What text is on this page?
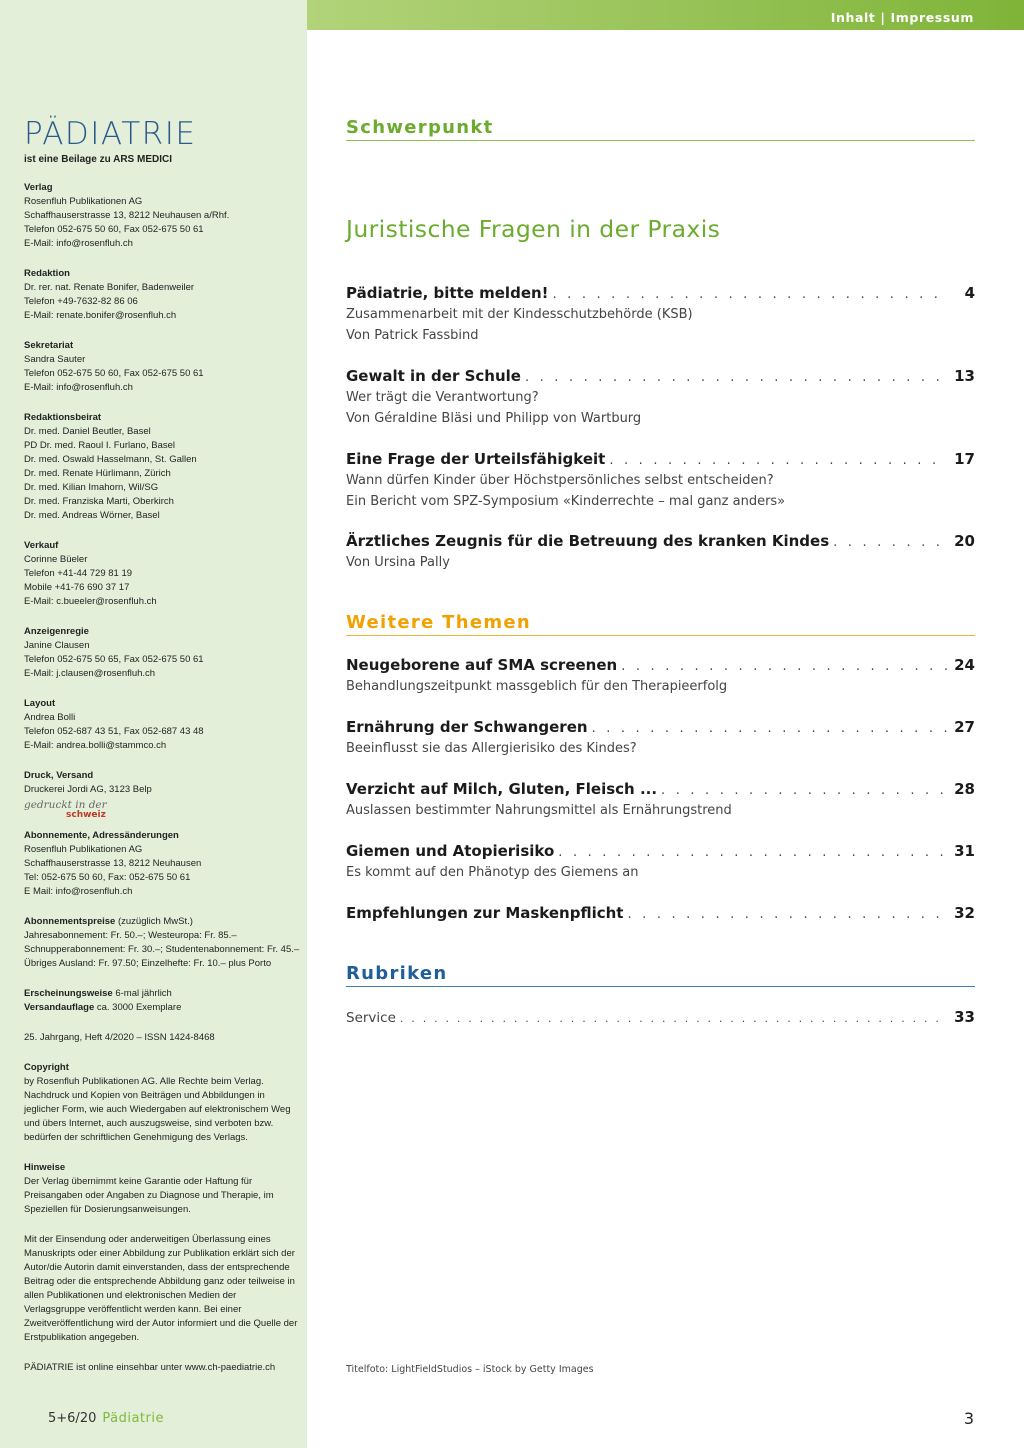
PÄDIATRIE
ist eine Beilage zu ARS MEDICI
Verlag
Rosenfluh Publikationen AG
Schaffhauserstrasse 13, 8212 Neuhausen a/Rhf.
Telefon 052-675 50 60, Fax 052-675 50 61
E-Mail: info@rosenfluh.ch
Redaktion
Dr. rer. nat. Renate Bonifer, Badenweiler
Telefon +49-7632-82 86 06
E-Mail: renate.bonifer@rosenfluh.ch
Sekretariat
Sandra Sauter
Telefon 052-675 50 60, Fax 052-675 50 61
E-Mail: info@rosenfluh.ch
Redaktionsbeirat
Dr. med. Daniel Beutler, Basel
PD Dr. med. Raoul I. Furlano, Basel
Dr. med. Oswald Hasselmann, St. Gallen
Dr. med. Renate Hürlimann, Zürich
Dr. med. Kilian Imahorn, Wil/SG
Dr. med. Franziska Marti, Oberkirch
Dr. med. Andreas Wörner, Basel
Verkauf
Corinne Büeler
Telefon +41-44 729 81 19
Mobile +41-76 690 37 17
E-Mail: c.bueeler@rosenfluh.ch
Anzeigenregie
Janine Clausen
Telefon 052-675 50 65, Fax 052-675 50 61
E-Mail: j.clausen@rosenfluh.ch
Layout
Andrea Bolli
Telefon 052-687 43 51, Fax 052-687 43 48
E-Mail: andrea.bolli@stammco.ch
Druck, Versand
Druckerei Jordi AG, 3123 Belp
gedruckt in der
schweiz
Abonnemente, Adressänderungen
Rosenfluh Publikationen AG
Schaffhauserstrasse 13, 8212 Neuhausen
Tel: 052-675 50 60, Fax: 052-675 50 61
E Mail: info@rosenfluh.ch
Abonnementspreise (zuzüglich MwSt.)
Jahresabonnement: Fr. 50.–; Westeuropa: Fr. 85.–
Schnupperabonnement: Fr. 30.–; Studentenabonnement: Fr. 45.–
Übriges Ausland: Fr. 97.50; Einzelhefte: Fr. 10.– plus Porto
Erscheinungsweise 6-mal jährlich
Versandauflage ca. 3000 Exemplare
25. Jahrgang, Heft 4/2020 – ISSN 1424-8468
Copyright
by Rosenfluh Publikationen AG. Alle Rechte beim Verlag. Nachdruck und Kopien von Beiträgen und Abbildungen in jeglicher Form, wie auch Wiedergaben auf elektronischem Weg und übers Internet, auch auszugsweise, sind verboten bzw. bedürfen der schriftlichen Genehmigung des Verlags.
Hinweise
Der Verlag übernimmt keine Garantie oder Haftung für Preisangaben oder Angaben zu Diagnose und Therapie, im Speziellen für Dosierungsanweisungen.
Mit der Einsendung oder anderweitigen Überlassung eines Manuskripts oder einer Abbildung zur Publikation erklärt sich der Autor/die Autorin damit einverstanden, dass der entsprechende Beitrag oder die entsprechende Abbildung ganz oder teilweise in allen Publikationen und elektronischen Medien der Verlagsgruppe veröffentlicht werden kann. Bei einer Zweitveröffentlichung wird der Autor informiert und die Quelle der Erstpublikation angegeben.
PÄDIATRIE ist online einsehbar unter www.ch-paediatrie.ch
5+6/20 Pädiatrie
Inhalt | Impressum
Schwerpunkt
Juristische Fragen in der Praxis
Pädiatrie, bitte melden! . . .	4
Zusammenarbeit mit der Kindesschutzbehörde (KSB)
Von Patrick Fassbind
Gewalt in der Schule . . .	13
Wer trägt die Verantwortung?
Von Géraldine Bläsi und Philipp von Wartburg
Eine Frage der Urteilsfähigkeit . . .	17
Wann dürfen Kinder über Höchstpersönliches selbst entscheiden?
Ein Bericht vom SPZ-Symposium «Kinderrechte – mal ganz anders»
Ärztliches Zeugnis für die Betreuung des kranken Kindes . . .	20
Von Ursina Pally
Weitere Themen
Neugeborene auf SMA screenen . . .	24
Behandlungszeitpunkt massgeblich für den Therapieerfolg
Ernährung der Schwangeren . . .	27
Beeinflusst sie das Allergierisiko des Kindes?
Verzicht auf Milch, Gluten, Fleisch ... . . .	28
Auslassen bestimmter Nahrungsmittel als Ernährungstrend
Giemen und Atopierisiko . . .	31
Es kommt auf den Phänotyp des Giemens an
Empfehlungen zur Maskenpflicht . . .	32
Rubriken
Service . . .	33
Titelfoto: LightFieldStudios – iStock by Getty Images
3
